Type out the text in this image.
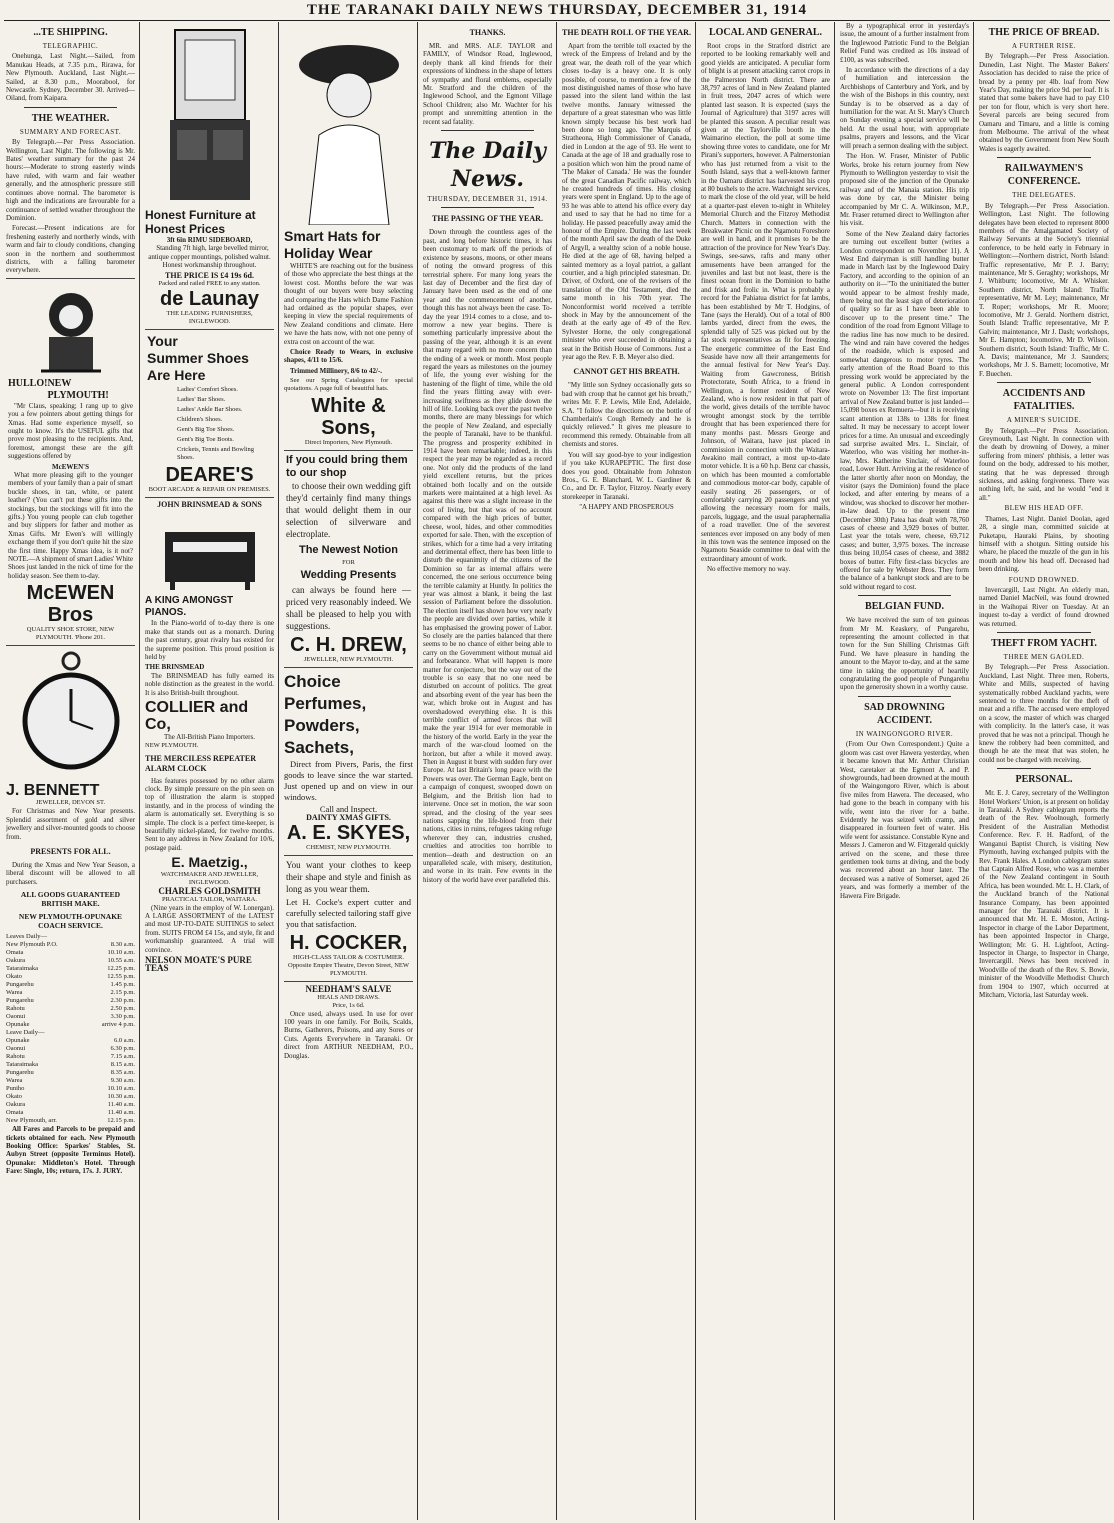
THE TARANAKI DAILY NEWS THURSDAY, DECEMBER 31, 1914
...TE SHIPPING.
TELEGRAPHIC.
Onehunga, Last Night.—Sailed, from Manukau Heads, at 7.35 p.m., Rirawa, for New Plymouth. Auckland, Last Night.—Sailed, at 8.30 p.m., Moorabool, for Newcastle. Sydney, December 30. Arrived—Oiland, from Kaipara.
THE WEATHER.
SUMMARY AND FORECAST.
By Telegraph.—Per Press Association. Wellington, Last Night. The following is Mr. Bates' weather summary for the past 24 hours:—Moderate to strong easterly winds have ruled, with warm and fair weather generally, and the atmospheric pressure still continues above normal. The barometer is high and the indications are favourable for a continuance of settled weather throughout the Dominion.
Forecast.—Present indications are for freshening easterly and northerly winds, with warm and fair to cloudy conditions, changing soon in the northern and southernmost districts, with a falling barometer everywhere.
HULLO! NEW PLYMOUTH!
"Mr Claus, speaking; I rang up to give you a few pointers about getting things for Xmas. Had some experience myself, so ought to know. It's the USEFUL gifts that prove most pleasing to the recipients. And, foremost, amongst these are the gift suggestions offered by
McEWEN'S
What more pleasing gift to the younger members of your family than a pair of smart buckle shoes, in tan, white, or patent leather? (You can't put these gifts into the stockings, but the stockings will fit into the gifts.) You young people can club together and buy slippers for father and mother as Xmas Gifts. Mr Ewen's will willingly exchange them if you don't quite hit the size the first time. Happy Xmas idea, is it not? NOTE.—A shipment of smart Ladies' White Shoes just landed in the nick of time for the holiday season. See them to-day.
McEWEN Bros
QUALITY SHOE STORE, NEW PLYMOUTH. 'Phone 201.
J. BENNETT
JEWELLER, DEVON ST.
For Christmas and New Year presents. Splendid assortment of gold and silver jewellery and silver-mounted goods to choose from.
PRESENTS FOR ALL.
During the Xmas and New Year Season, a liberal discount will be allowed to all purchasers.
ALL GOODS GUARANTEED BRITISH MAKE.
NEW PLYMOUTH-OPUNAKE COACH SERVICE.
Leaves Daily—
New Plymouth P.O.	8.30 a.m.
Omata	10.10 a.m.
Oakura	10.55 a.m.
Tataraimaka	12.25 p.m.
Okato	12.55 p.m.
Pungarehu	1.45 p.m.
Warea	2.15 p.m.
Pungarehu	2.30 p.m.
Rahotu	2.50 p.m.
Oaonui	3.30 p.m.
Opunake	arrive 4 p.m.
Leave Daily—
Opunake	6.0 a.m.
Oaonui	6.30 p.m.
Rahotu	7.15 a.m.
Tataraimaka	8.15 a.m.
Pungarehu	8.35 a.m.
Warea	9.30 a.m.
Puniho	10.10 a.m.
Okato	10.30 a.m.
Oakura	11.40 a.m.
Omata	11.40 a.m.
New Plymouth, arr.	12.15 p.m.
All Fares and Parcels to be prepaid and tickets obtained for each. New Plymouth Booking Office: Sparkes' Stables, St. Aubyn Street (opposite Terminus Hotel). Opunake: Middleton's Hotel. Through Fare: Single, 10s; return, 17s. J. JURY.
Honest Furniture at Honest Prices
3ft 6in RIMU SIDEBOARD,
Standing 7ft high, large bevelled mirror, antique copper mountings, polished walnut. Honest workmanship throughout.
THE PRICE IS £4 19s 6d.
Packed and railed FREE to any station.
de Launay
THE LEADING FURNISHERS, INGLEWOOD.
Your
Summer Shoes
Are Here
Ladies' Comfort Shoes.
Ladies' Bar Shoes.
Ladies' Ankle Bar Shoes.
Children's Shoes.
Gent's Big Toe Shoes.
Gent's Big Toe Boots.
Crickets, Tennis and Bowling Shoes.
DEARE'S
BOOT ARCADE & REPAIR ON PREMISES.
JOHN BRINSMEAD & SONS
A KING AMONGST PIANOS.
In the Piano-world of to-day there is one make that stands out as a monarch. During the past century, great rivalry has existed for the supreme position. This proud position is held by
THE BRINSMEAD
The BRINSMEAD has fully earned its noble distinction as the greatest in the world. It is also British-built throughout.
COLLIER and Co,
The All-British Piano Importers.
NEW PLYMOUTH.
THE MERCILESS REPEATER ALARM CLOCK
Has features possessed by no other alarm clock. By simple pressure on the pin seen on top of illustration the alarm is stopped instantly, and in the process of winding the alarm is automatically set. Everything is so simple. The clock is a perfect time-keeper, is beautifully nickel-plated, for twelve months. Sent to any address in New Zealand for 10/6, postage paid.
E. Maetzig.,
WATCHMAKER AND JEWELLER, INGLEWOOD.
CHARLES GOLDSMITH
PRACTICAL TAILOR, WAITARA.
(Nine years in the employ of W. Lonergan). A LARGE ASSORTMENT of the LATEST and most UP-TO-DATE SUITINGS to select from. SUITS FROM £4 15s, and style, fit and workmanship guaranteed. A trial will convince.
NELSON MOATE'S PURE TEAS
Smart Hats for Holiday Wear
WHITE'S are reaching out for the business of those who appreciate the best things at the lowest cost. Months before the war was thought of our buyers were busy selecting and comparing the Hats which Dame Fashion had ordained as the popular shapes, ever keeping in view the special requirements of New Zealand conditions and climate. Here we have the hats now, with not one penny of extra cost on account of the war.
Choice Ready to Wears, in exclusive shapes, 4/11 to 15/6.
Trimmed Millinery, 8/6 to 42/-.
See our Spring Catalogues for special quotations. A page full of beautiful hats.
White & Sons,
Direct Importers, New Plymouth.
If you could bring them to our shop
to choose their own wedding gift they'd certainly find many things that would delight them in our selection of silverware and electroplate.
The Newest Notion
FOR
Wedding Presents
can always be found here —priced very reasonably indeed. We shall be pleased to help you with suggestions.
C. H. DREW,
JEWELLER, NEW PLYMOUTH.
Choice Perfumes, Powders, Sachets,
Direct from Pivers, Paris, the first goods to leave since the war started. Just opened up and on view in our windows.
Call and Inspect.
DAINTY XMAS GIFTS.
A. E. SKYES,
CHEMIST, NEW PLYMOUTH.
You want your clothes to keep their shape and style and finish as long as you wear them.
Let H. Cocke's expert cutter and carefully selected tailoring staff give you that satisfaction.
H. COCKER,
HIGH-CLASS TAILOR & COSTUMIER. Opposite Empire Theatre, Devon Street, NEW PLYMOUTH.
NEEDHAM'S SALVE
HEALS AND DRAWS.
Price, 1s 6d.
Once used, always used. In use for over 100 years in one family. For Boils, Scalds, Burns, Gatherers, Poisons, and any Sores or Cuts. Agents Everywhere in Taranaki. Or direct from ARTHUR NEEDHAM, P.O., Douglas.
THANKS.
MR. and MRS. ALF. TAYLOR and FAMILY, of Windsor Road, Inglewood, deeply thank all kind friends for their expressions of kindness in the shape of letters of sympathy and floral emblems, especially Mr. Stratford and the children of the Inglewood School, and the Egmont Village School Children; also Mr. Wachter for his prompt and unremitting attention in the recent sad fatality.
The Daily News.
THURSDAY, DECEMBER 31, 1914.
THE PASSING OF THE YEAR.
Down through the countless ages of the past, and long before historic times, it has been customary to mark off the periods of existence by seasons, moons, or other means of noting the onward progress of this terrestrial sphere. For many long years the last day of December and the first day of January have been used as the end of one year and the commencement of another, though this has not always been the case. To-day the year 1914 comes to a close, and to-morrow a new year begins. There is something particularly impressive about the passing of the year, although it is an event that many regard with no more concern than the ending of a week or month. Most people regard the years as milestones on the journey of life, the young ever wishing for the hastening of the flight of time, while the old find the years flitting away with ever-increasing swiftness as they glide down the hill of life. Looking back over the past twelve months, there are many blessings for which the people of New Zealand, and especially the people of Taranaki, have to be thankful. The progress and prosperity exhibited in 1914 have been remarkable; indeed, in this respect the year may be regarded as a record one. Not only did the products of the land yield excellent returns, but the prices obtained both locally and on the outside markets were maintained at a high level. As against this there was a slight increase in the cost of living, but that was of no account compared with the high prices of butter, cheese, wool, hides, and other commodities exported for sale. Then, with the exception of strikes, which for a time had a very irritating and detrimental effect, there has been little to disturb the equanimity of the citizens of the Dominion so far as internal affairs were concerned, the one serious occurrence being the terrible calamity at Huntly. In politics the year was almost a blank, it being the last session of Parliament before the dissolution. The election itself has shown how very nearly the people are divided over parties, while it has emphasised the growing power of Labor. So closely are the parties balanced that there seems to be no chance of either being able to carry on the Government without mutual aid and forbearance. What will happen is more matter for conjecture, but the way out of the trouble is so easy that no one need be disturbed on account of politics. The great and absorbing event of the year has been the war, which broke out in August and has overshadowed everything else. It is this terrible conflict of armed forces that will make the year 1914 for ever memorable in the history of the world. Early in the year the march of the war-cloud loomed on the horizon, but after a while it moved away. Then in August it burst with sudden fury over Europe. At last Britain's long peace with the Powers was over. The German Eagle, bent on a campaign of conquest, swooped down on Belgium, and the British lion had to intervene. Once set in motion, the war soon spread, and the closing of the year sees nations sapping the life-blood from their nations, cities in ruins, refugees taking refuge wherever they can, industries crushed, cruelties and atrocities too horrible to mention—death and destruction on an unparalleled scale, with misery, destitution, and worse in its train. Few events in the history of the world have ever paralleled this.
THE DEATH ROLL OF THE YEAR.
Apart from the terrible toll exacted by the wreck of the Empress of Ireland and by the great war, the death roll of the year which closes to-day is a heavy one. It is only possible, of course, to mention a few of the most distinguished names of those who have passed into the silent land within the last twelve months. January witnessed the departure of a great statesman who was little known simply because his best work had been done so long ago. The Marquis of Stratheona, High Commissioner of Canada, died in London at the age of 93. He went to Canada at the age of 18 and gradually rose to a position which won him the proud name of 'The Maker of Canada.' He was the founder of the great Canadian Pacific railway, which he created hundreds of times. His closing years were spent in England. Up to the age of 93 he was able to attend his office every day and used to say that he had no time for a holiday. He passed peacefully away amid the honour of the Empire. During the last week of the month April saw the death of the Duke of Argyll, a wealthy scion of a noble house. He died at the age of 68, having helped a sainted memory as a loyal patriot, a gallant courtier, and a high principled statesman. Dr. Driver, of Oxford, one of the revisers of the translation of the Old Testament, died the same month in his 70th year. The Nonconformist world received a terrible shock in May by the announcement of the death at the early age of 49 of the Rev. Sylvester Horne, the only congregational minister who ever succeeded in obtaining a seat in the British House of Commons. Just a year ago the Rev. F. B. Meyer also died.
CANNOT GET HIS BREATH.
"My little son Sydney occasionally gets so bad with croup that he cannot get his breath," writes Mr. F. P. Lewis, Mile End, Adelaide, S.A. "I follow the directions on the bottle of Chamberlain's Cough Remedy and he is quickly relieved." It gives me pleasure to recommend this remedy. Obtainable from all chemists and stores.
You will say good-bye to your indigestion if you take KURAPEPTIC. The first dose does you good. Obtainable from Johnston Bros., G. E. Blanchard, W. L. Gardiner & Co., and Dr. F. Taylor, Fitzroy. Nearly every storekeeper in Taranaki.
"A HAPPY AND PROSPEROUS
LOCAL AND GENERAL.
Root crops in the Stratford district are reported to be looking remarkably well and good yields are anticipated. A peculiar form of blight is at present attacking carrot crops in the Palmerston North district. There are 38,797 acres of land in New Zealand planted in fruit trees, 2047 acres of which were planted last season. It is expected (says the Journal of Agriculture) that 3197 acres will be planted this season. A peculiar result was given at the Taylorville booth in the Waimarino election, the poll at some time showing three votes to candidate, one for Mr Pirani's supporters, however. A Palmerstonian who has just returned from a visit to the South Island, says that a well-known farmer in the Oamaru district has harvested his crop at 80 bushels to the acre. Watchnight services, to mark the close of the old year, will be held at a quarter-past eleven to-night in Whiteley Memorial Church and the Fitzroy Methodist Church. Matters in connection with the Breakwater Picnic on the Ngamotu Foreshore are well in hand, and it promises to be the attraction of the province for New Year's Day. Swings, see-saws, rafts and many other amusements have been arranged for the juveniles and last but not least, there is the finest ocean front in the Dominion to bathe and frisk and frolic in. What is probably a record for the Pahiatua district for fat lambs, has been established by Mr T. Hodgins, of Tane (says the Herald). Out of a total of 800 lambs yarded, direct from the ewes, the splendid tally of 525 was picked out by the fat stock representatives as fit for freezing. The energetic committee of the East End Seaside have now all their arrangements for the annual festival for New Year's Day. Waiting from Gawcroness, British Protectorate, South Africa, to a friend in Wellington, a former resident of New Zealand, who is now resident in that part of the world, gives details of the terrible havoc wrought amongst stock by the terrible drought that has been experienced there for many months past. Messrs George and Johnson, of Waitara, have just placed in commission in connection with the Waitara-Awakino mail contract, a most up-to-date motor vehicle. It is a 60 h.p. Benz car chassis, on which has been mounted a comfortable and commodious motor-car body, capable of easily seating 26 passengers, or of comfortably carrying 20 passengers and yet allowing the necessary room for mails, parcels, luggage, and the usual paraphernalia of a road traveller. One of the severest sentences ever imposed on any body of men in this town was the sentence imposed on the Ngamotu Seaside committee to deal with the extraordinary amount of work.
No effective memory no way.
By a typographical error in yesterday's issue, the amount of a further instalment from the Inglewood Patriotic Fund to the Belgian Relief Fund was credited as 10s instead of £100, as was subscribed.
In accordance with the directions of a day of humiliation and intercession the Archbishops of Canterbury and York, and by the wish of the Bishops in this country, next Sunday is to be observed as a day of humiliation for the war. At St. Mary's Church on Sunday evening a special service will be held. At the usual hour, with appropriate psalms, prayers and lessons, and the Vicar will preach a sermon dealing with the subject.
The Hon. W. Fraser, Minister of Public Works, broke his return journey from New Plymouth to Wellington yesterday to visit the proposed site of the junction of the Opunake railway and of the Manaia station. His trip was done by car, the Minister being accompanied by Mr C. A. Wilkinson, M.P., Mr. Fraser returned direct to Wellington after his visit.
Some of the New Zealand dairy factories are turning out excellent butter (writes a London correspondent on November 11). A West End dairyman is still handling butter made in March last by the Inglewood Dairy Factory, and according to the opinion of an authority on it—"To the uninitiated the butter would appear to be almost freshly made, there being not the least sign of deterioration of quality so far as I have been able to discover up to the present time." The condition of the road from Egmont Village to the radius line has now much to be desired. The wind and rain have covered the hedges of the roadside, which is exposed and somewhat dangerous to motor tyres. The early attention of the Road Board to this pressing work would be appreciated by the general public. A London correspondent wrote on November 13: The first important arrival of New Zealand butter is just landed—15,098 boxes ex Remuera—but it is receiving scant attention at 138s to 138s for finest salted. It may be necessary to accept lower prices for a time. An unusual and exceedingly sad surprise awaited Mrs. L. Sinclair, of Waterloo, who was visiting her mother-in-law, Mrs. Katherine Sinclair, of Waterloo road, Lower Hutt. Arriving at the residence of the latter shortly after noon on Monday, the visitor (says the Dominion) found the place locked, and after entering by means of a window, was shocked to discover her mother-in-law dead. Up to the present time (December 30th) Patea has dealt with 78,760 cases of cheese and 3,929 boxes of butter. Last year the totals were, cheese, 69,712 cases; and butter, 3,975 boxes. The increase thus being 10,054 cases of cheese, and 3882 boxes of butter. Fifty first-class bicycles are offered for sale by Webster Bros. They form the balance of a bankrupt stock and are to be sold without regard to cost.
BELGIAN FUND.
We have received the sum of ten guineas from Mr M. Keaskery, of Pungarehu, representing the amount collected in that town for the Sun Shilling Christmas Gift Fund. We have pleasure in handing the amount to the Mayor to-day, and at the same time in taking the opportunity of heartily congratulating the good people of Pungarehu upon the generosity shown in a worthy cause.
SAD DROWNING ACCIDENT.
IN WAINGONGORO RIVER.
(From Our Own Correspondent.) Quite a gloom was cast over Hawera yesterday, when it became known that Mr. Arthur Christian West, caretaker at the Egmont A. and P. showgrounds, had been drowned at the mouth of the Waingongoro River, which is about five miles from Hawera. The deceased, who had gone to the beach in company with his wife, went into the river for a bathe. Evidently he was seized with cramp, and disappeared in fourteen feet of water. His wife went for assistance. Constable Kyne and Messrs J. Cameron and W. Fitzgerald quickly arrived on the scene, and these three gentlemen took turns at diving, and the body was recovered about an hour later. The deceased was a native of Somerset, aged 26 years, and was formerly a member of the Hawera Fire Brigade.
THE PRICE OF BREAD.
A FURTHER RISE.
By Telegraph.—Per Press Association. Dunedin, Last Night. The Master Bakers' Association has decided to raise the price of bread by a penny per 4lb. loaf from New Year's Day, making the price 9d. per loaf. It is stated that some bakers have had to pay £10 per ton for flour, which is very short here. Several parcels are being secured from Oamaru and Timaru, and a little is coming from Melbourne. The arrival of the wheat obtained by the Government from New South Wales is eagerly awaited.
RAILWAYMEN'S CONFERENCE.
THE DELEGATES.
By Telegraph.—Per Press Association. Wellington, Last Night. The following delegates have been elected to represent 8000 members of the Amalgamated Society of Railway Servants at the Society's triennial conference, to be held early in February in Wellington:—Northern district, North Island: Traffic representative, Mr P. J. Barry; maintenance, Mr S. Geraghty; workshops, Mr J. Whitburn; locomotive, Mr A. Whisker. Southern district, North Island: Traffic representative, Mr M. Ley; maintenance, Mr T. Roper; workshops, Mr R. Moore; locomotive, Mr J. Gerald. Northern district, South Island: Traffic representative, Mr P. Galvin; maintenance, Mr J. Dash; workshops, Mr E. Hampton; locomotive, Mr D. Wilson. Southern district, South Island: Traffic, Mr C. A. Davis; maintenance, Mr J. Saunders; workshops, Mr J. S. Barnett; locomotive, Mr F. Buechen.
ACCIDENTS AND FATALITIES.
A MINER'S SUICIDE.
By Telegraph.—Per Press Association. Greymouth, Last Night. In connection with the death by drowning of Dowey, a miner suffering from miners' phthisis, a letter was found on the body, addressed to his mother, stating that he was depressed through sickness, and asking forgiveness. There was nothing left, he said, and he would "end it all."
BLEW HIS HEAD OFF.
Thames, Last Night. Daniel Doolan, aged 28, a single man, committed suicide at Puketapu, Hauraki Plains, by shooting himself with a shotgun. Sitting outside his whare, he placed the muzzle of the gun in his mouth and blew his head off. Deceased had been drinking.
FOUND DROWNED.
Invercargill, Last Night. An elderly man, named Daniel MacNeil, was found drowned in the Waihopai River on Tuesday. At an inquest to-day a verdict of found drowned was returned.
THEFT FROM YACHT.
THREE MEN GAOLED.
By Telegraph.—Per Press Association. Auckland, Last Night. Three men, Roberts, White and Mills, suspected of having systematically robbed Auckland yachts, were sentenced to three months for the theft of meat and a rifle. The accused were employed on a scow, the master of which was charged with complicity. In the latter's case, it was proved that he was not a principal. Though he knew the robbery had been committed, and though he ate the meat that was stolen, he could not be charged with receiving.
PERSONAL.
Mr. E. J. Carey, secretary of the Wellington Hotel Workers' Union, is at present on holiday in Taranaki. A Sydney cablegram reports the death of the Rev. Woolnough, formerly President of the Australian Methodist Conference. Rev. F. H. Radford, of the Wanganui Baptist Church, is visiting New Plymouth, having exchanged pulpits with the Rev. Frank Hales. A London cablegram states that Captain Alfred Rose, who was a member of the New Zealand contingent in South Africa, has been wounded. Mr. L. H. Clark, of the Auckland branch of the National Insurance Company, has been appointed manager for the Taranaki district. It is announced that Mr. H. E. Moston, Acting-Inspector in charge of the Labor Department, has been appointed Inspector in Charge, Wellington; Mr. G. H. Lightfoot, Acting-Inspector in Charge, to Inspector in Charge, Invercargill. News has been received in Woodville of the death of the Rev. S. Bowie, minister of the Woodville Methodist Church from 1904 to 1907, which occurred at Mitcham, Victoria, last Saturday week.
